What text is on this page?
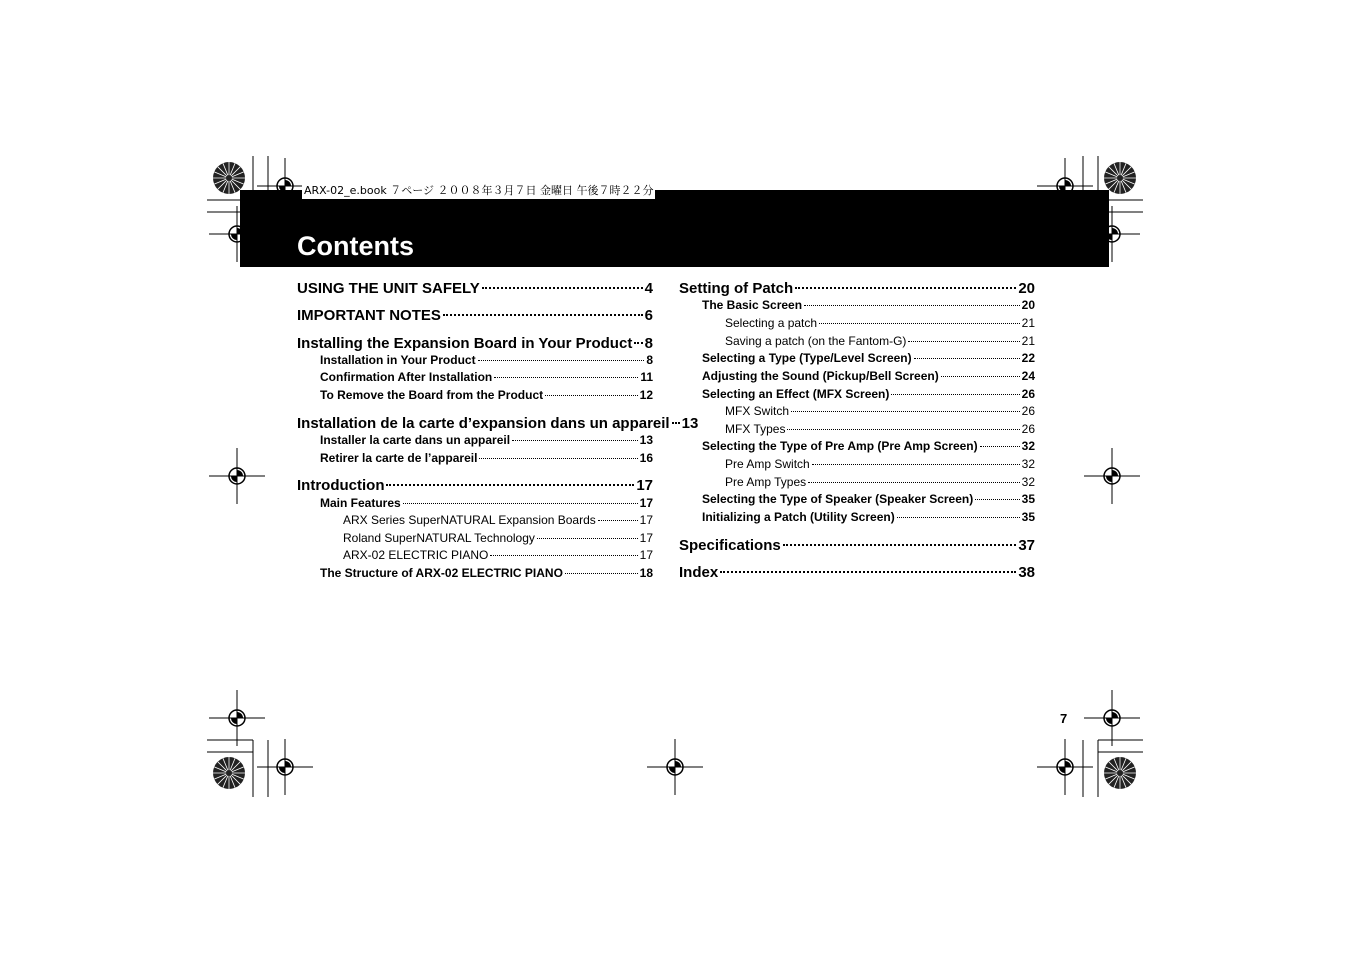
ARX-02_e.book ７ページ ２００８年３月７日 金曜日 午後７時２２分
Contents
USING THE UNIT SAFELY	4
IMPORTANT NOTES	6
Installing the Expansion Board in Your Product 8
Installation in Your Product	8
Confirmation After Installation	11
To Remove the Board from the Product	12
Installation de la carte d’expansion dans un appareil 13
Installer la carte dans un appareil	13
Retirer la carte de l’appareil	16
Introduction	17
Main Features	17
ARX Series SuperNATURAL Expansion Boards	17
Roland SuperNATURAL Technology	17
ARX-02 ELECTRIC PIANO	17
The Structure of ARX-02 ELECTRIC PIANO	18
Setting of Patch	20
The Basic Screen	20
Selecting a patch	21
Saving a patch (on the Fantom-G)	21
Selecting a Type (Type/Level Screen)	22
Adjusting the Sound (Pickup/Bell Screen)	24
Selecting an Effect (MFX Screen)	26
MFX Switch	26
MFX Types	26
Selecting the Type of Pre Amp (Pre Amp Screen)	32
Pre Amp Switch	32
Pre Amp Types	32
Selecting the Type of Speaker (Speaker Screen)	35
Initializing a Patch (Utility Screen)	35
Specifications	37
Index	38
7
